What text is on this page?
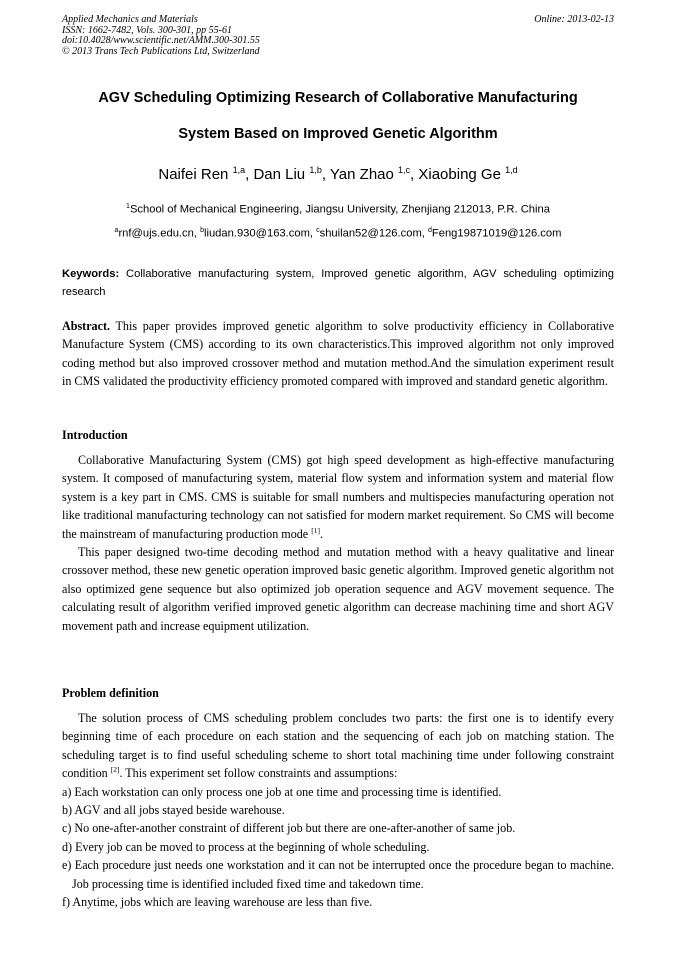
Applied Mechanics and Materials
ISSN: 1662-7482, Vols. 300-301, pp 55-61
doi:10.4028/www.scientific.net/AMM.300-301.55
© 2013 Trans Tech Publications Ltd, Switzerland
Online: 2013-02-13
AGV Scheduling Optimizing Research of Collaborative Manufacturing
System Based on Improved Genetic Algorithm
Naifei Ren $^{1,a}$, Dan Liu $^{1,b}$, Yan Zhao $^{1,c}$, Xiaobing Ge $^{1,d}$
$^1$School of Mechanical Engineering, Jiangsu University, Zhenjiang 212013, P.R. China
$^a$rnf@ujs.edu.cn, $^b$liudan.930@163.com, $^c$shuilan52@126.com, $^d$Feng19871019@126.com
Keywords: Collaborative manufacturing system, Improved genetic algorithm, AGV scheduling optimizing research

Abstract. This paper provides improved genetic algorithm to solve productivity efficiency in Collaborative Manufacture System (CMS) according to its own characteristics.This improved algorithm not only improved coding method but also improved crossover method and mutation method.And the simulation experiment result in CMS validated the productivity efficiency promoted compared with improved and standard genetic algorithm.

Introduction

Collaborative Manufacturing System (CMS) got high speed development as high-effective manufacturing system. It composed of manufacturing system, material flow system and information system and material flow system is a key part in CMS. CMS is suitable for small numbers and multispecies manufacturing operation not like traditional manufacturing technology can not satisfied for modern market requirement. So CMS will become the mainstream of manufacturing production mode [1].

This paper designed two-time decoding method and mutation method with a heavy qualitative and linear crossover method, these new genetic operation improved basic genetic algorithm. Improved genetic algorithm not also optimized gene sequence but also optimized job operation sequence and AGV movement sequence. The calculating result of algorithm verified improved genetic algorithm can decrease machining time and short AGV movement path and increase equipment utilization.

Problem definition

The solution process of CMS scheduling problem concludes two parts: the first one is to identify every beginning time of each procedure on each station and the sequencing of each job on matching station. The scheduling target is to find useful scheduling scheme to short total machining time under following constraint condition [2]. This experiment set follow constraints and assumptions:

a) Each workstation can only process one job at one time and processing time is identified.

b) AGV and all jobs stayed beside warehouse.

c) No one-after-another constraint of different job but there are one-after-another of same job.

d) Every job can be moved to process at the beginning of whole scheduling.

e) Each procedure just needs one workstation and it can not be interrupted once the procedure began to machine. Job processing time is identified included fixed time and takedown time.

f) Anytime, jobs which are leaving warehouse are less than five.
